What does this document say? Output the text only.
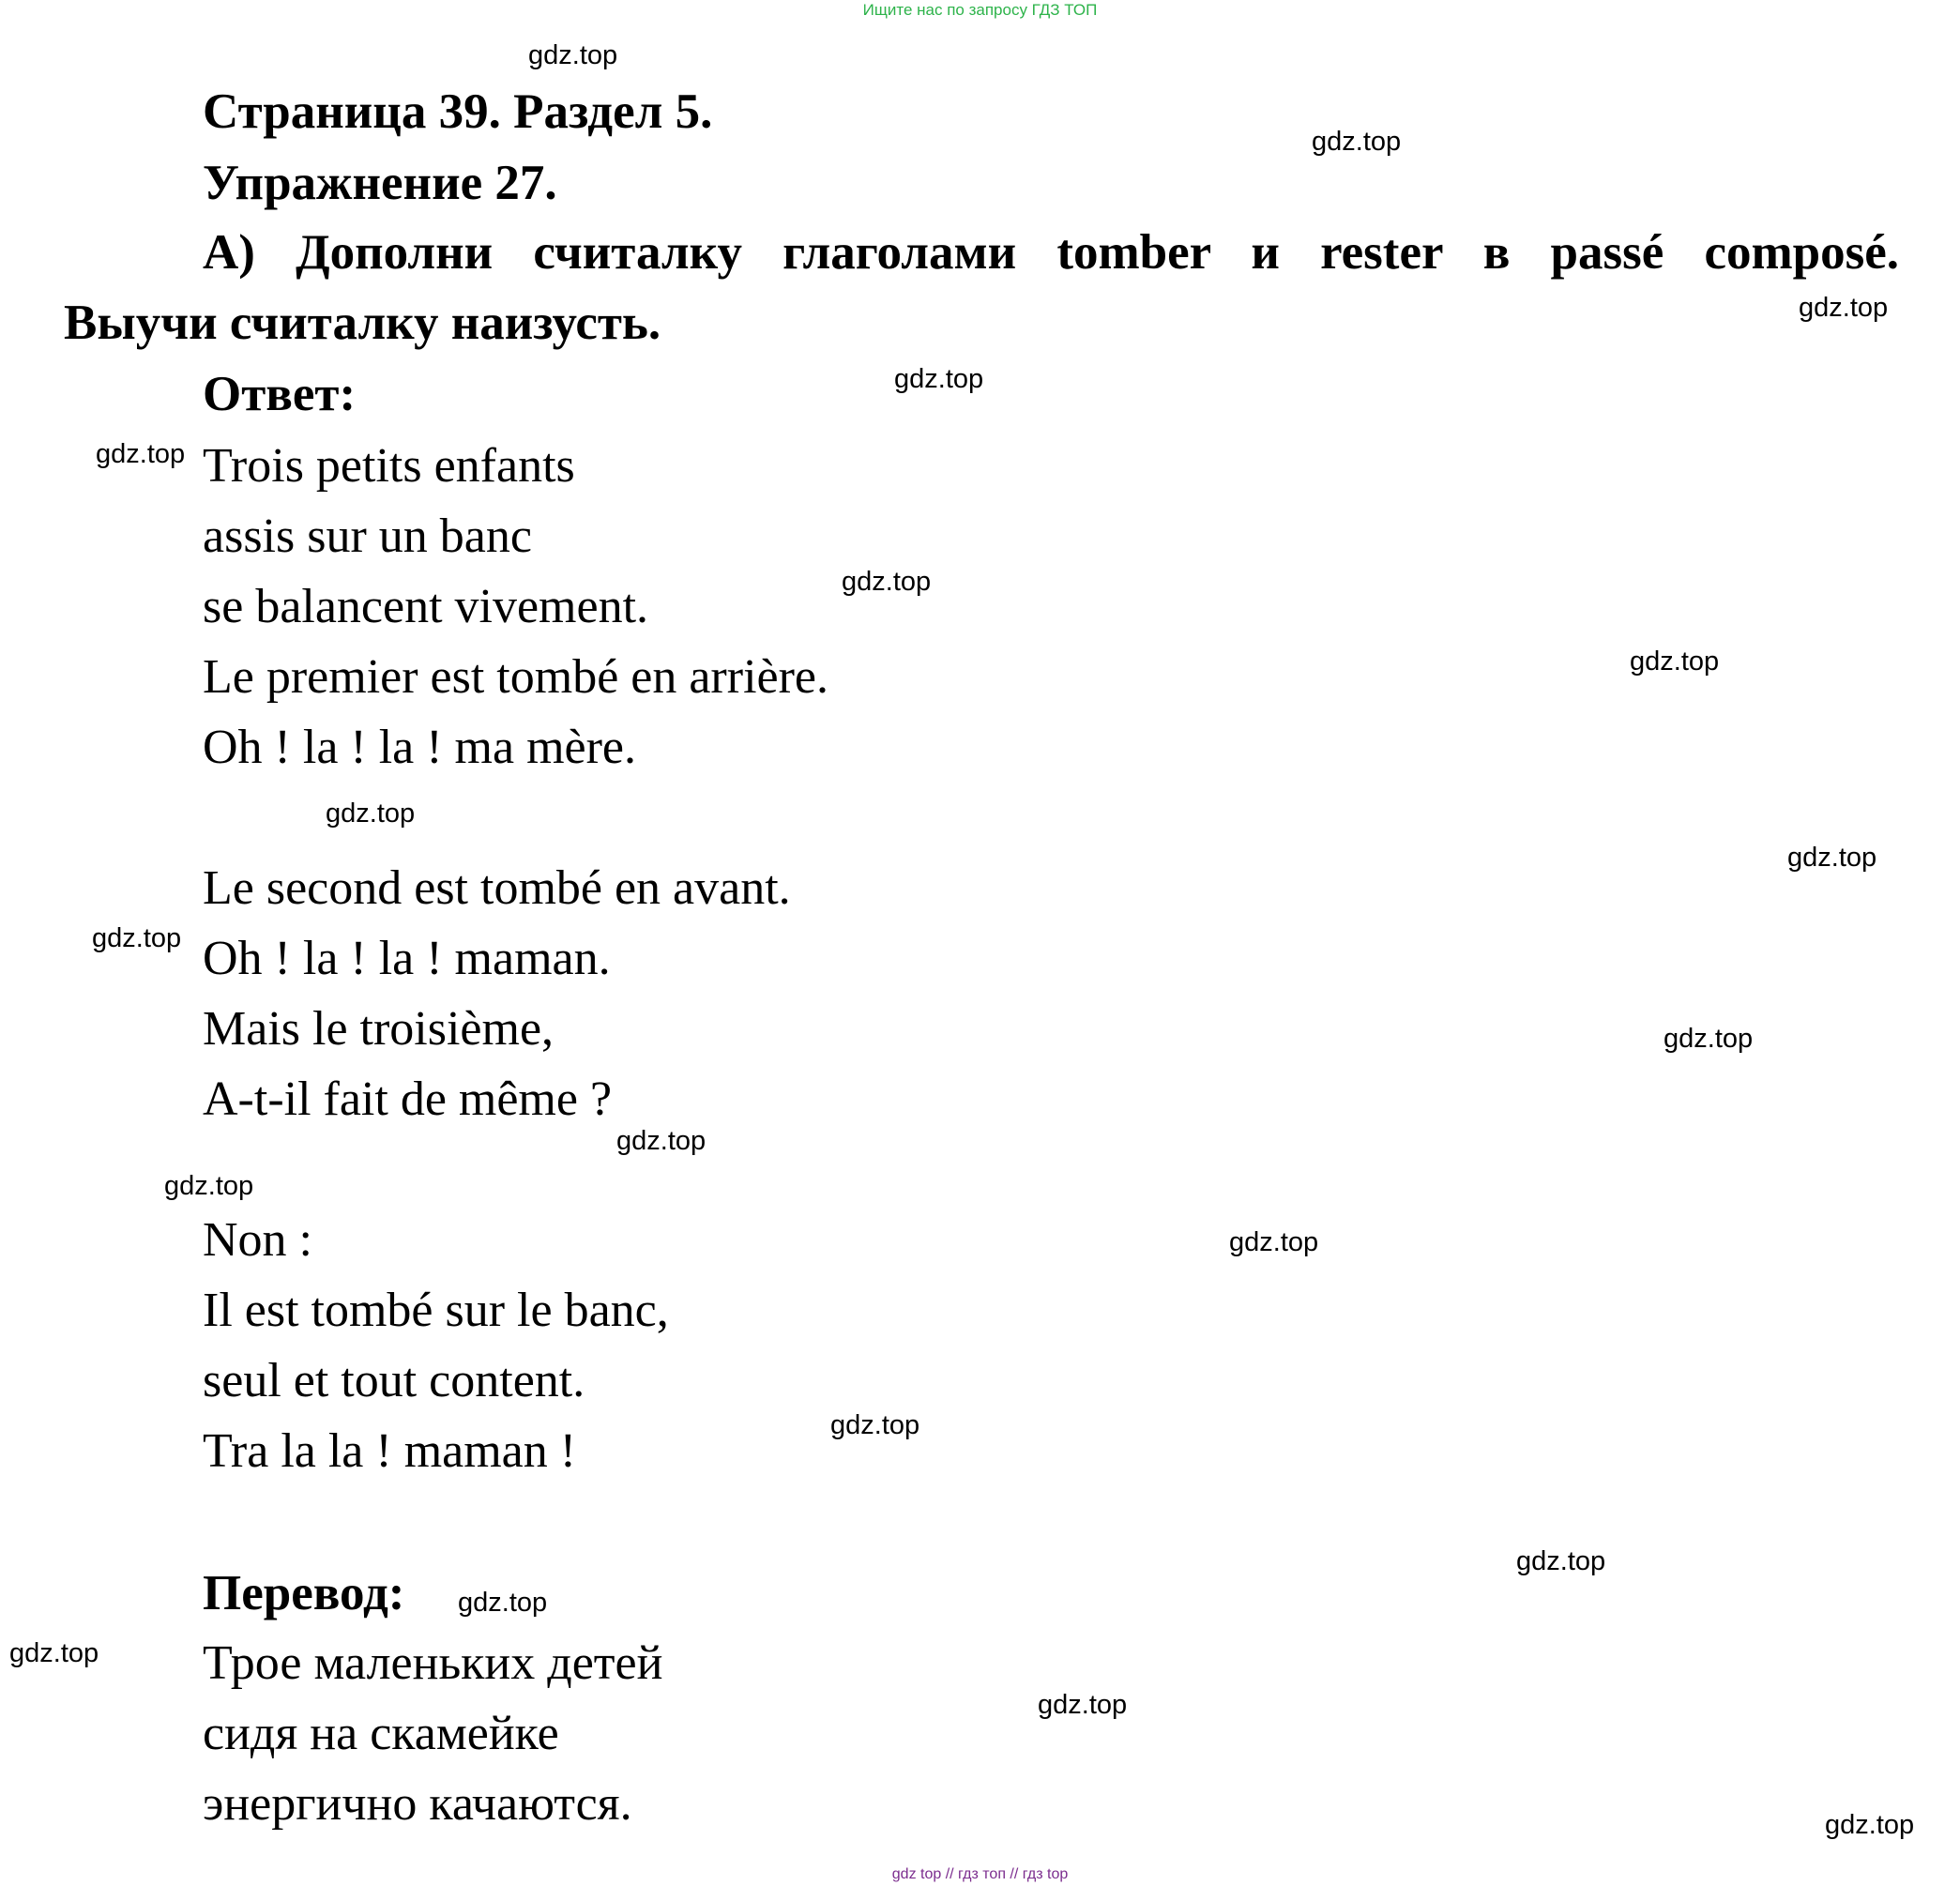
Ищите нас по запросу ГДЗ ТОП
Страница 39. Раздел 5.
Упражнение 27.
А) Дополни считалку глаголами tomber и rester в passé composé.
Выучи считалку наизусть.
Ответ:
Trois petits enfants
assis sur un banc
se balancent vivement.
Le premier est tombé en arrière.
Oh ! la ! la ! ma mère.
Le second est tombé en avant.
Oh ! la ! la ! maman.
Mais le troisième,
A-t-il fait de même ?
Non :
Il est tombé sur le banc,
seul et tout content.
Tra la la ! maman !
Перевод:
Трое маленьких детей
сидя на скамейке
энергично качаются.
gdz.top
gdz.top
gdz.top
gdz.top
gdz.top
gdz.top
gdz.top
gdz.top
gdz.top
gdz.top
gdz.top
gdz.top
gdz.top
gdz.top
gdz.top
gdz.top
gdz.top
gdz.top
gdz.top
gdz.top
gdz top // гдз топ // гдз top
